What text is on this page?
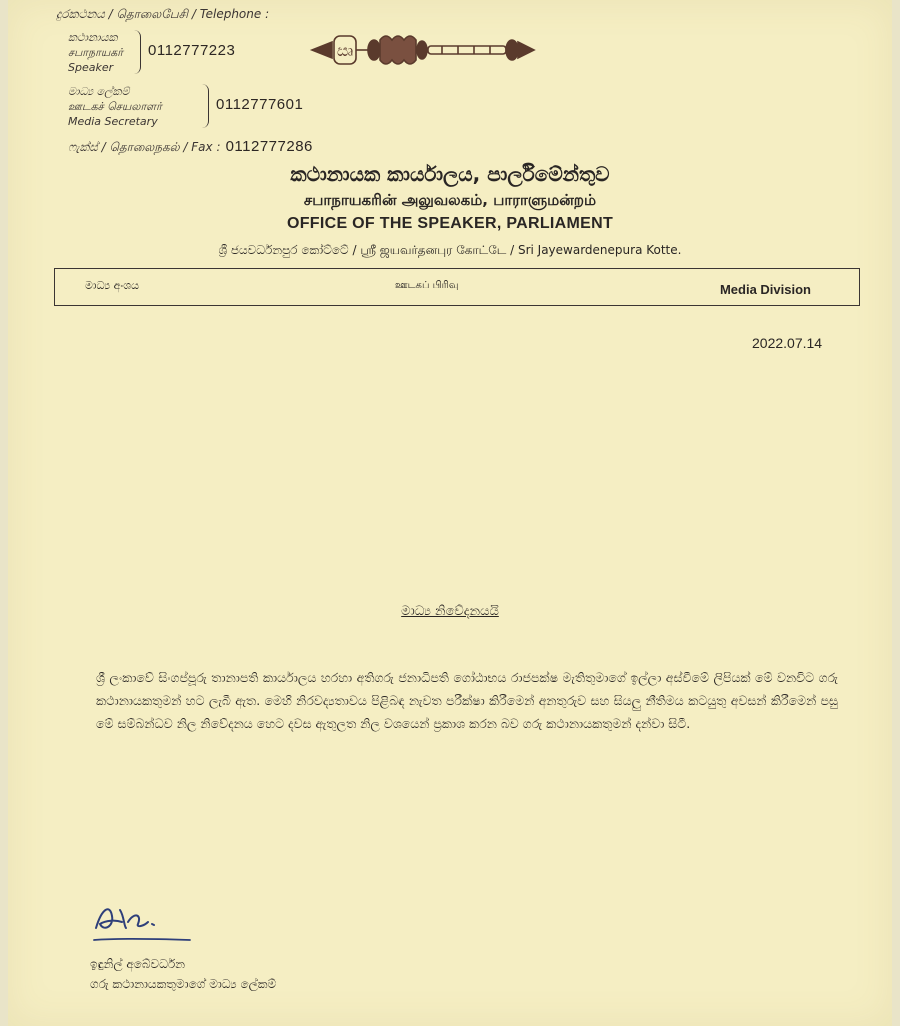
දුරකථනය / தொலைபேசி / Telephone :
කථානායක
சபாநாயகர்
Speaker
0112777223
මාධ්‍ය ලේකම්
ஊடகச் செயலாளர்
Media Secretary
0112777601
ෆැක්ස් / தொலைநகல் / Fax : 0112777286
ඍ
කථානායක කාර්යාලය, පාර්ලිමේන්තුව
சபாநாயகரின் அலுவலகம், பாராளுமன்றம்
OFFICE OF THE SPEAKER, PARLIAMENT
ශ්‍රී ජයවර්ධනපුර කෝට්ටේ / ஸ்ரீ ஜயவர்தனபுர கோட்டே / Sri Jayewardenepura Kotte.
මාධ්‍ය අංශය	ஊடகப் பிரிவு	Media Division
2022.07.14
මාධ්‍ය නිවේදනයයි
ශ්‍රී ලංකාවේ සිංගප්පූරු තානාපති කාර්යාලය හරහා අතිගරු ජනාධිපති ගෝඨාභය රාජපක්ෂ මැතිතුමාගේ ඉල්ලා අස්වීමේ ලිපියක් මේ වනවිට ගරු කථානායකතුමන් හට ලැබී ඇත. මෙහි නිරවද්‍යතාවය පිළිබඳ නැවත පරීක්ෂා කිරීමෙන් අනතුරුව සහ සියලු නීතිමය කටයුතු අවසන් කිරීමෙන් පසු මේ සම්බන්ධව නිල නිවේදනය හෙට දවස ඇතුලත නිල වශයෙන් ප්‍රකාශ කරන බව ගරු කථානායකතුමන් දන්වා සිටී.
ඉඳුනිල් අබේවර්ධන
ගරු කථානායකතුමාගේ මාධ්‍ය ලේකම්
